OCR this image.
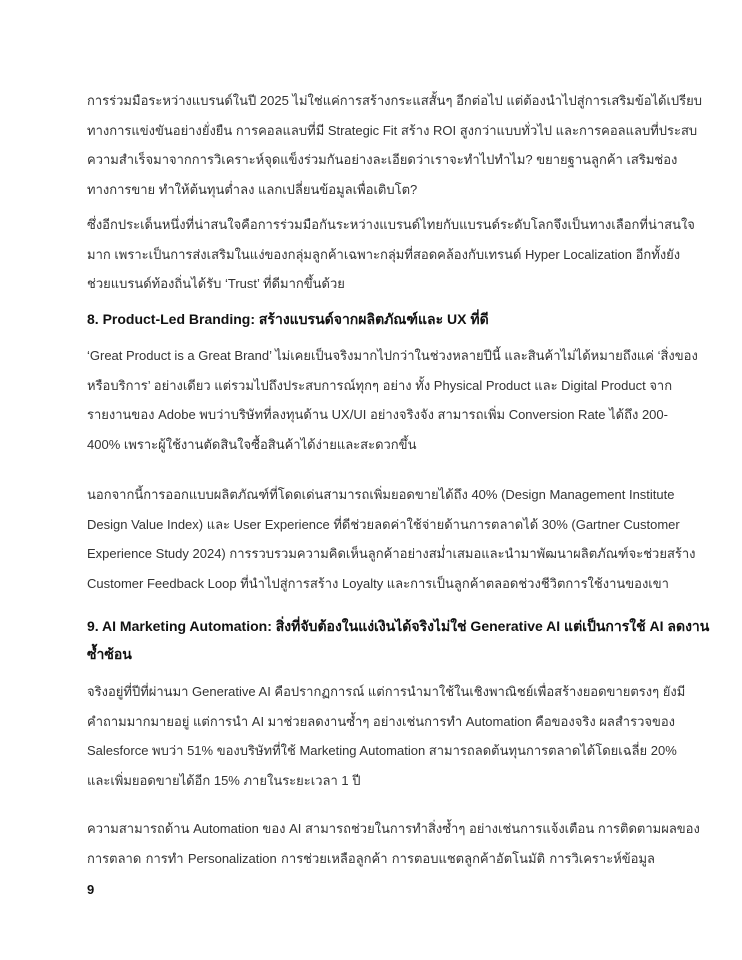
การร่วมมือระหว่างแบรนด์ในปี 2025 ไม่ใช่แค่การสร้างกระแสสั้นๆ อีกต่อไป แต่ต้องนำไปสู่การเสริมข้อได้เปรียบ
ทางการแข่งขันอย่างยั่งยืน การคอลแลบที่มี Strategic Fit สร้าง ROI สูงกว่าแบบทั่วไป และการคอลแลบที่ประสบ
ความสำเร็จมาจากการวิเคราะห์จุดแข็งร่วมกันอย่างละเอียดว่าเราจะทำไปทำไม? ขยายฐานลูกค้า เสริมช่อง
ทางการขาย ทำให้ต้นทุนต่ำลง แลกเปลี่ยนข้อมูลเพื่อเติบโต?
ซึ่งอีกประเด็นหนึ่งที่น่าสนใจคือการร่วมมือกันระหว่างแบรนด์ไทยกับแบรนด์ระดับโลกจึงเป็นทางเลือกที่น่าสนใจ
มาก เพราะเป็นการส่งเสริมในแง่ของกลุ่มลูกค้าเฉพาะกลุ่มที่สอดคล้องกับเทรนด์ Hyper Localization อีกทั้งยัง
ช่วยแบรนด์ท้องถิ่นได้รับ ‘Trust’ ที่ดีมากขึ้นด้วย
8. Product-Led Branding: สร้างแบรนด์จากผลิตภัณฑ์และ UX ที่ดี
‘Great Product is a Great Brand’ ไม่เคยเป็นจริงมากไปกว่าในช่วงหลายปีนี้ และสินค้าไม่ได้หมายถึงแค่ ‘สิ่งของ
หรือบริการ’ อย่างเดียว แต่รวมไปถึงประสบการณ์ทุกๆ อย่าง ทั้ง Physical Product และ Digital Product จาก
รายงานของ Adobe พบว่าบริษัทที่ลงทุนด้าน UX/UI อย่างจริงจัง สามารถเพิ่ม Conversion Rate ได้ถึง 200-
400% เพราะผู้ใช้งานตัดสินใจซื้อสินค้าได้ง่ายและสะดวกขึ้น
นอกจากนี้การออกแบบผลิตภัณฑ์ที่โดดเด่นสามารถเพิ่มยอดขายได้ถึง 40% (Design Management Institute
Design Value Index) และ User Experience ที่ดีช่วยลดค่าใช้จ่ายด้านการตลาดได้ 30% (Gartner Customer
Experience Study 2024) การรวบรวมความคิดเห็นลูกค้าอย่างสม่ำเสมอและนำมาพัฒนาผลิตภัณฑ์จะช่วยสร้าง
Customer Feedback Loop ที่นำไปสู่การสร้าง Loyalty และการเป็นลูกค้าตลอดช่วงชีวิตการใช้งานของเขา
9. AI Marketing Automation: สิ่งที่จับต้องในแง่เงินได้จริงไม่ใช่ Generative AI แต่เป็นการใช้ AI ลดงาน
ซ้ำซ้อน
จริงอยู่ที่ปีที่ผ่านมา Generative AI คือปรากฏการณ์ แต่การนำมาใช้ในเชิงพาณิชย์เพื่อสร้างยอดขายตรงๆ ยังมี
คำถามมากมายอยู่ แต่การนำ AI มาช่วยลดงานซ้ำๆ อย่างเช่นการทำ Automation คือของจริง ผลสำรวจของ
Salesforce พบว่า 51% ของบริษัทที่ใช้ Marketing Automation สามารถลดต้นทุนการตลาดได้โดยเฉลี่ย 20%
และเพิ่มยอดขายได้อีก 15% ภายในระยะเวลา 1 ปี
ความสามารถด้าน Automation ของ AI สามารถช่วยในการทำสิ่งซ้ำๆ อย่างเช่นการแจ้งเตือน การติดตามผลของ
การตลาด การทำ Personalization การช่วยเหลือลูกค้า การตอบแชตลูกค้าอัตโนมัติ การวิเคราะห์ข้อมูล
9
